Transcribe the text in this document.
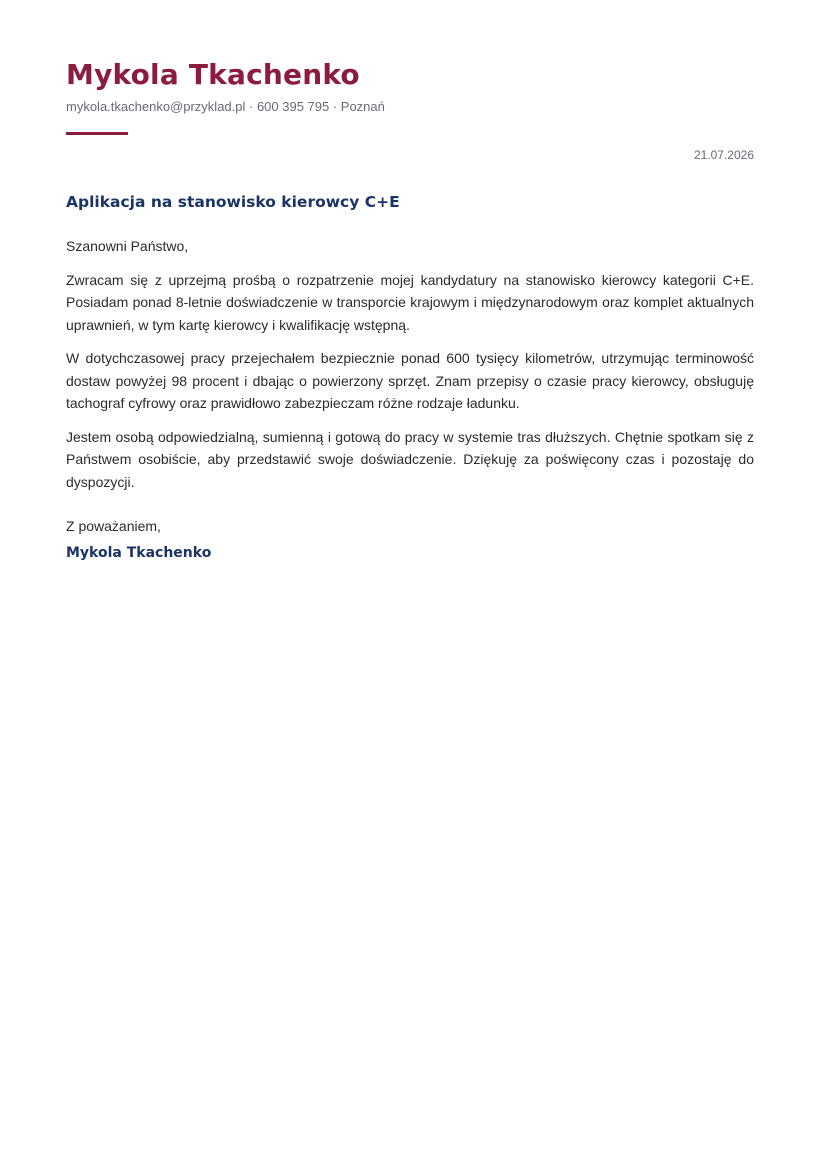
Mykola Tkachenko
mykola.tkachenko@przyklad.pl · 600 395 795 · Poznań
21.07.2026
Aplikacja na stanowisko kierowcy C+E

Szanowni Państwo,

Zwracam się z uprzejmą prośbą o rozpatrzenie mojej kandydatury na stanowisko kierowcy kategorii C+E. Posiadam ponad 8-letnie doświadczenie w transporcie krajowym i międzynarodowym oraz komplet aktualnych uprawnień, w tym kartę kierowcy i kwalifikację wstępną.

W dotychczasowej pracy przejechałem bezpiecznie ponad 600 tysięcy kilometrów, utrzymując terminowość dostaw powyżej 98 procent i dbając o powierzony sprzęt. Znam przepisy o czasie pracy kierowcy, obsługuję tachograf cyfrowy oraz prawidłowo zabezpieczam różne rodzaje ładunku.

Jestem osobą odpowiedzialną, sumienną i gotową do pracy w systemie tras dłuższych. Chętnie spotkam się z Państwem osobiście, aby przedstawić swoje doświadczenie. Dziękuję za poświęcony czas i pozostaję do dyspozycji.

Z poważaniem,

Mykola Tkachenko
